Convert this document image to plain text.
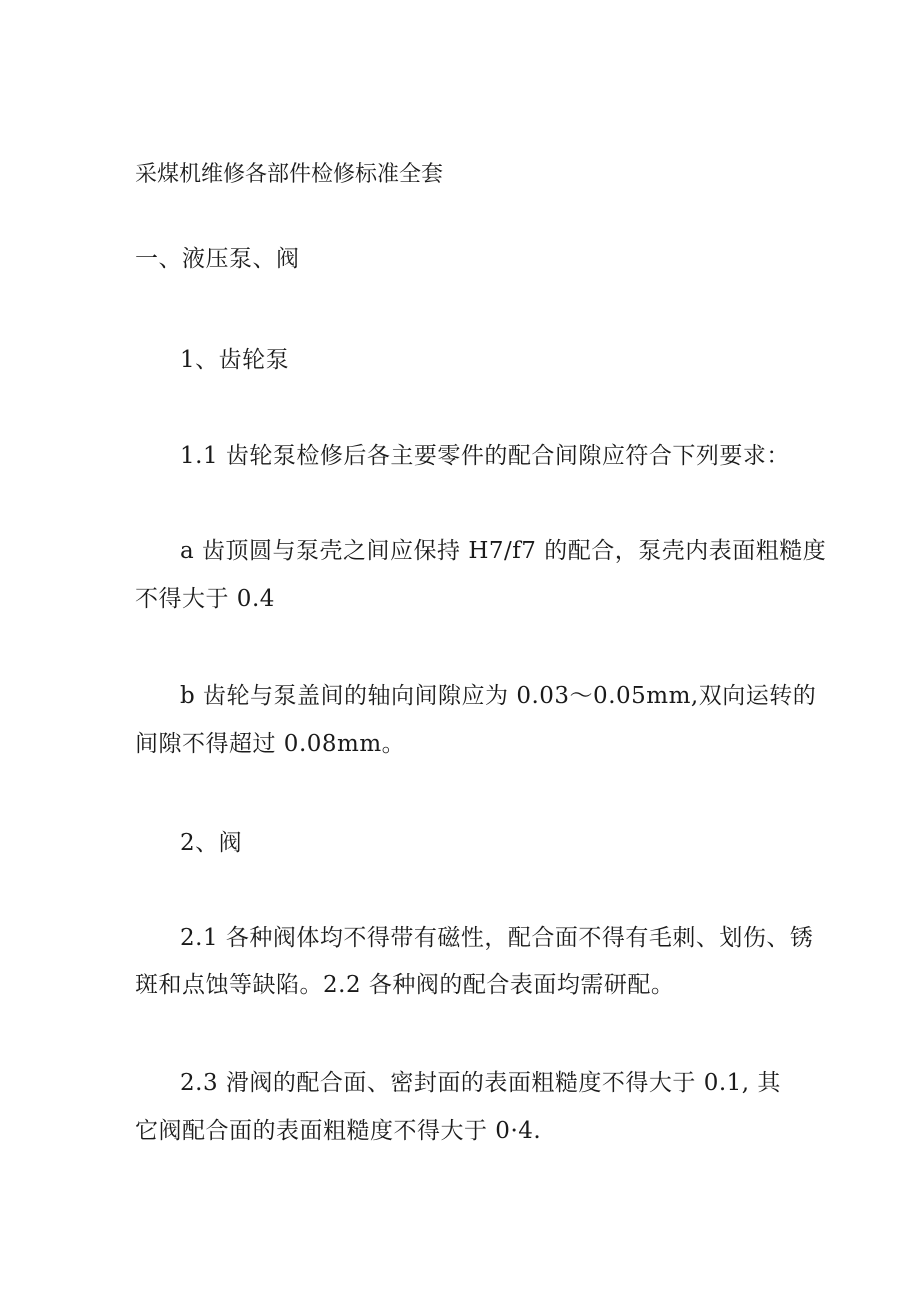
采煤机维修各部件检修标准全套
一、液压泵、阀
1、齿轮泵
1.1 齿轮泵检修后各主要零件的配合间隙应符合下列要求：
a 齿顶圆与泵壳之间应保持 H7/f7 的配合，泵壳内表面粗糙度
不得大于 0.4
b 齿轮与泵盖间的轴向间隙应为 0.03～0.05mm,双向运转的
间隙不得超过 0.08mm。
2、阀
2.1 各种阀体均不得带有磁性，配合面不得有毛刺、划伤、锈
斑和点蚀等缺陷。2.2 各种阀的配合表面均需研配。
2.3 滑阀的配合面、密封面的表面粗糙度不得大于 0.1, 其
它阀配合面的表面粗糙度不得大于 0·4.
